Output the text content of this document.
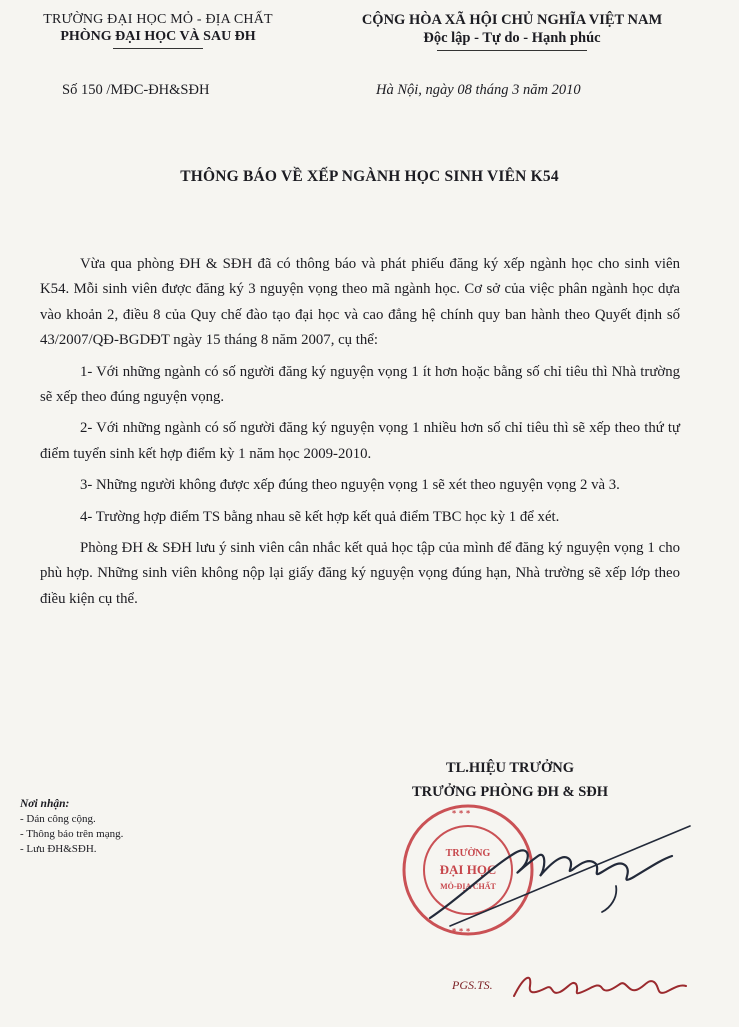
TRƯỜNG ĐẠI HỌC MỎ - ĐỊA CHẤT
PHÒNG ĐẠI HỌC VÀ SAU ĐH
CỘNG HÒA XÃ HỘI CHỦ NGHĨA VIỆT NAM
Độc lập - Tự do - Hạnh phúc
Số 150 /MĐC-ĐH&SĐH	Hà Nội, ngày 08 tháng 3 năm 2010
THÔNG BÁO VỀ XẾP NGÀNH HỌC SINH VIÊN K54

Vừa qua phòng ĐH & SĐH đã có thông báo và phát phiếu đăng ký xếp ngành học cho sinh viên K54. Mỗi sinh viên được đăng ký 3 nguyện vọng theo mã ngành học. Cơ sở của việc phân ngành học dựa vào khoản 2, điều 8 của Quy chế đào tạo đại học và cao đẳng hệ chính quy ban hành theo Quyết định số 43/2007/QĐ-BGDĐT ngày 15 tháng 8 năm 2007, cụ thể:

1- Với những ngành có số người đăng ký nguyện vọng 1 ít hơn hoặc bằng số chỉ tiêu thì Nhà trường sẽ xếp theo đúng nguyện vọng.

2- Với những ngành có số người đăng ký nguyện vọng 1 nhiều hơn số chỉ tiêu thì sẽ xếp theo thứ tự điểm tuyển sinh kết hợp điểm kỳ 1 năm học 2009-2010.

3- Những người không được xếp đúng theo nguyện vọng 1 sẽ xét theo nguyện vọng 2 và 3.

4- Trường hợp điểm TS bằng nhau sẽ kết hợp kết quả điểm TBC học kỳ 1 để xét.

Phòng ĐH & SĐH lưu ý sinh viên cân nhắc kết quả học tập của mình để đăng ký nguyện vọng 1 cho phù hợp. Những sinh viên không nộp lại giấy đăng ký nguyện vọng đúng hạn, Nhà trường sẽ xếp lớp theo điều kiện cụ thể.

TL.HIỆU TRƯỞNG
TRƯỞNG PHÒNG ĐH & SĐH
Nơi nhận:
- Dán công cộng.
- Thông báo trên mạng.
- Lưu ĐH&SĐH.
* * *
* * *
TRƯỜNG
ĐẠI HỌC
MỎ-ĐỊA CHẤT
PGS.TS.
